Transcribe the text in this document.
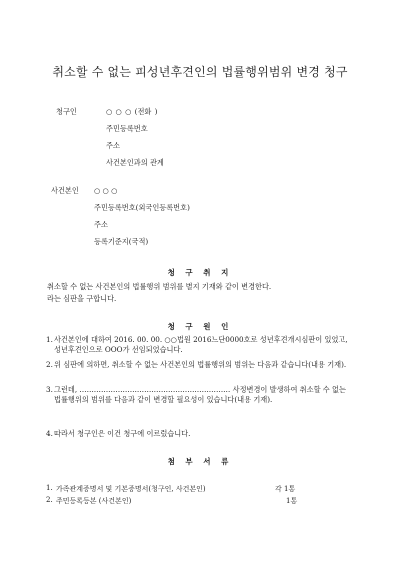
취소할 수 없는 피성년후견인의 법률행위범위 변경 청구
청구인	○ ○ ○ (전화 )
주민등록번호
주소
사건본인과의 관계
사건본인 ○ ○ ○
주민등록번호(외국인등록번호)
주소
등록기준지(국적)
청 구 취 지
취소할 수 없는 사건본인의 법률행위 범위를 별지 기재와 같이 변경한다.
라는 심판을 구합니다.
청 구 원 인
1. 사건본인에 대하여 2016. 00. 00. ○○법원 2016느단0000호로 성년후견개시심판이 있었고, 성년후견인으로 OOO가 선임되었습니다.
2. 위 심판에 의하면, 취소할 수 없는 사건본인의 법률행위의 범위는 다음과 같습니다(내용 기재).
3. 그런데, ……………………………………………………… 사정변경이 발생하여 취소할 수 없는 법률행위의 범위를 다음과 같이 변경할 필요성이 있습니다(내용 기재).
4. 따라서 청구인은 이건 청구에 이르렀습니다.
첨 부 서 류
1. 가족관계증명서 및 기본증명서(청구인, 사건본인)	각 1통
2. 주민등록등본 (사건본인)	1통
